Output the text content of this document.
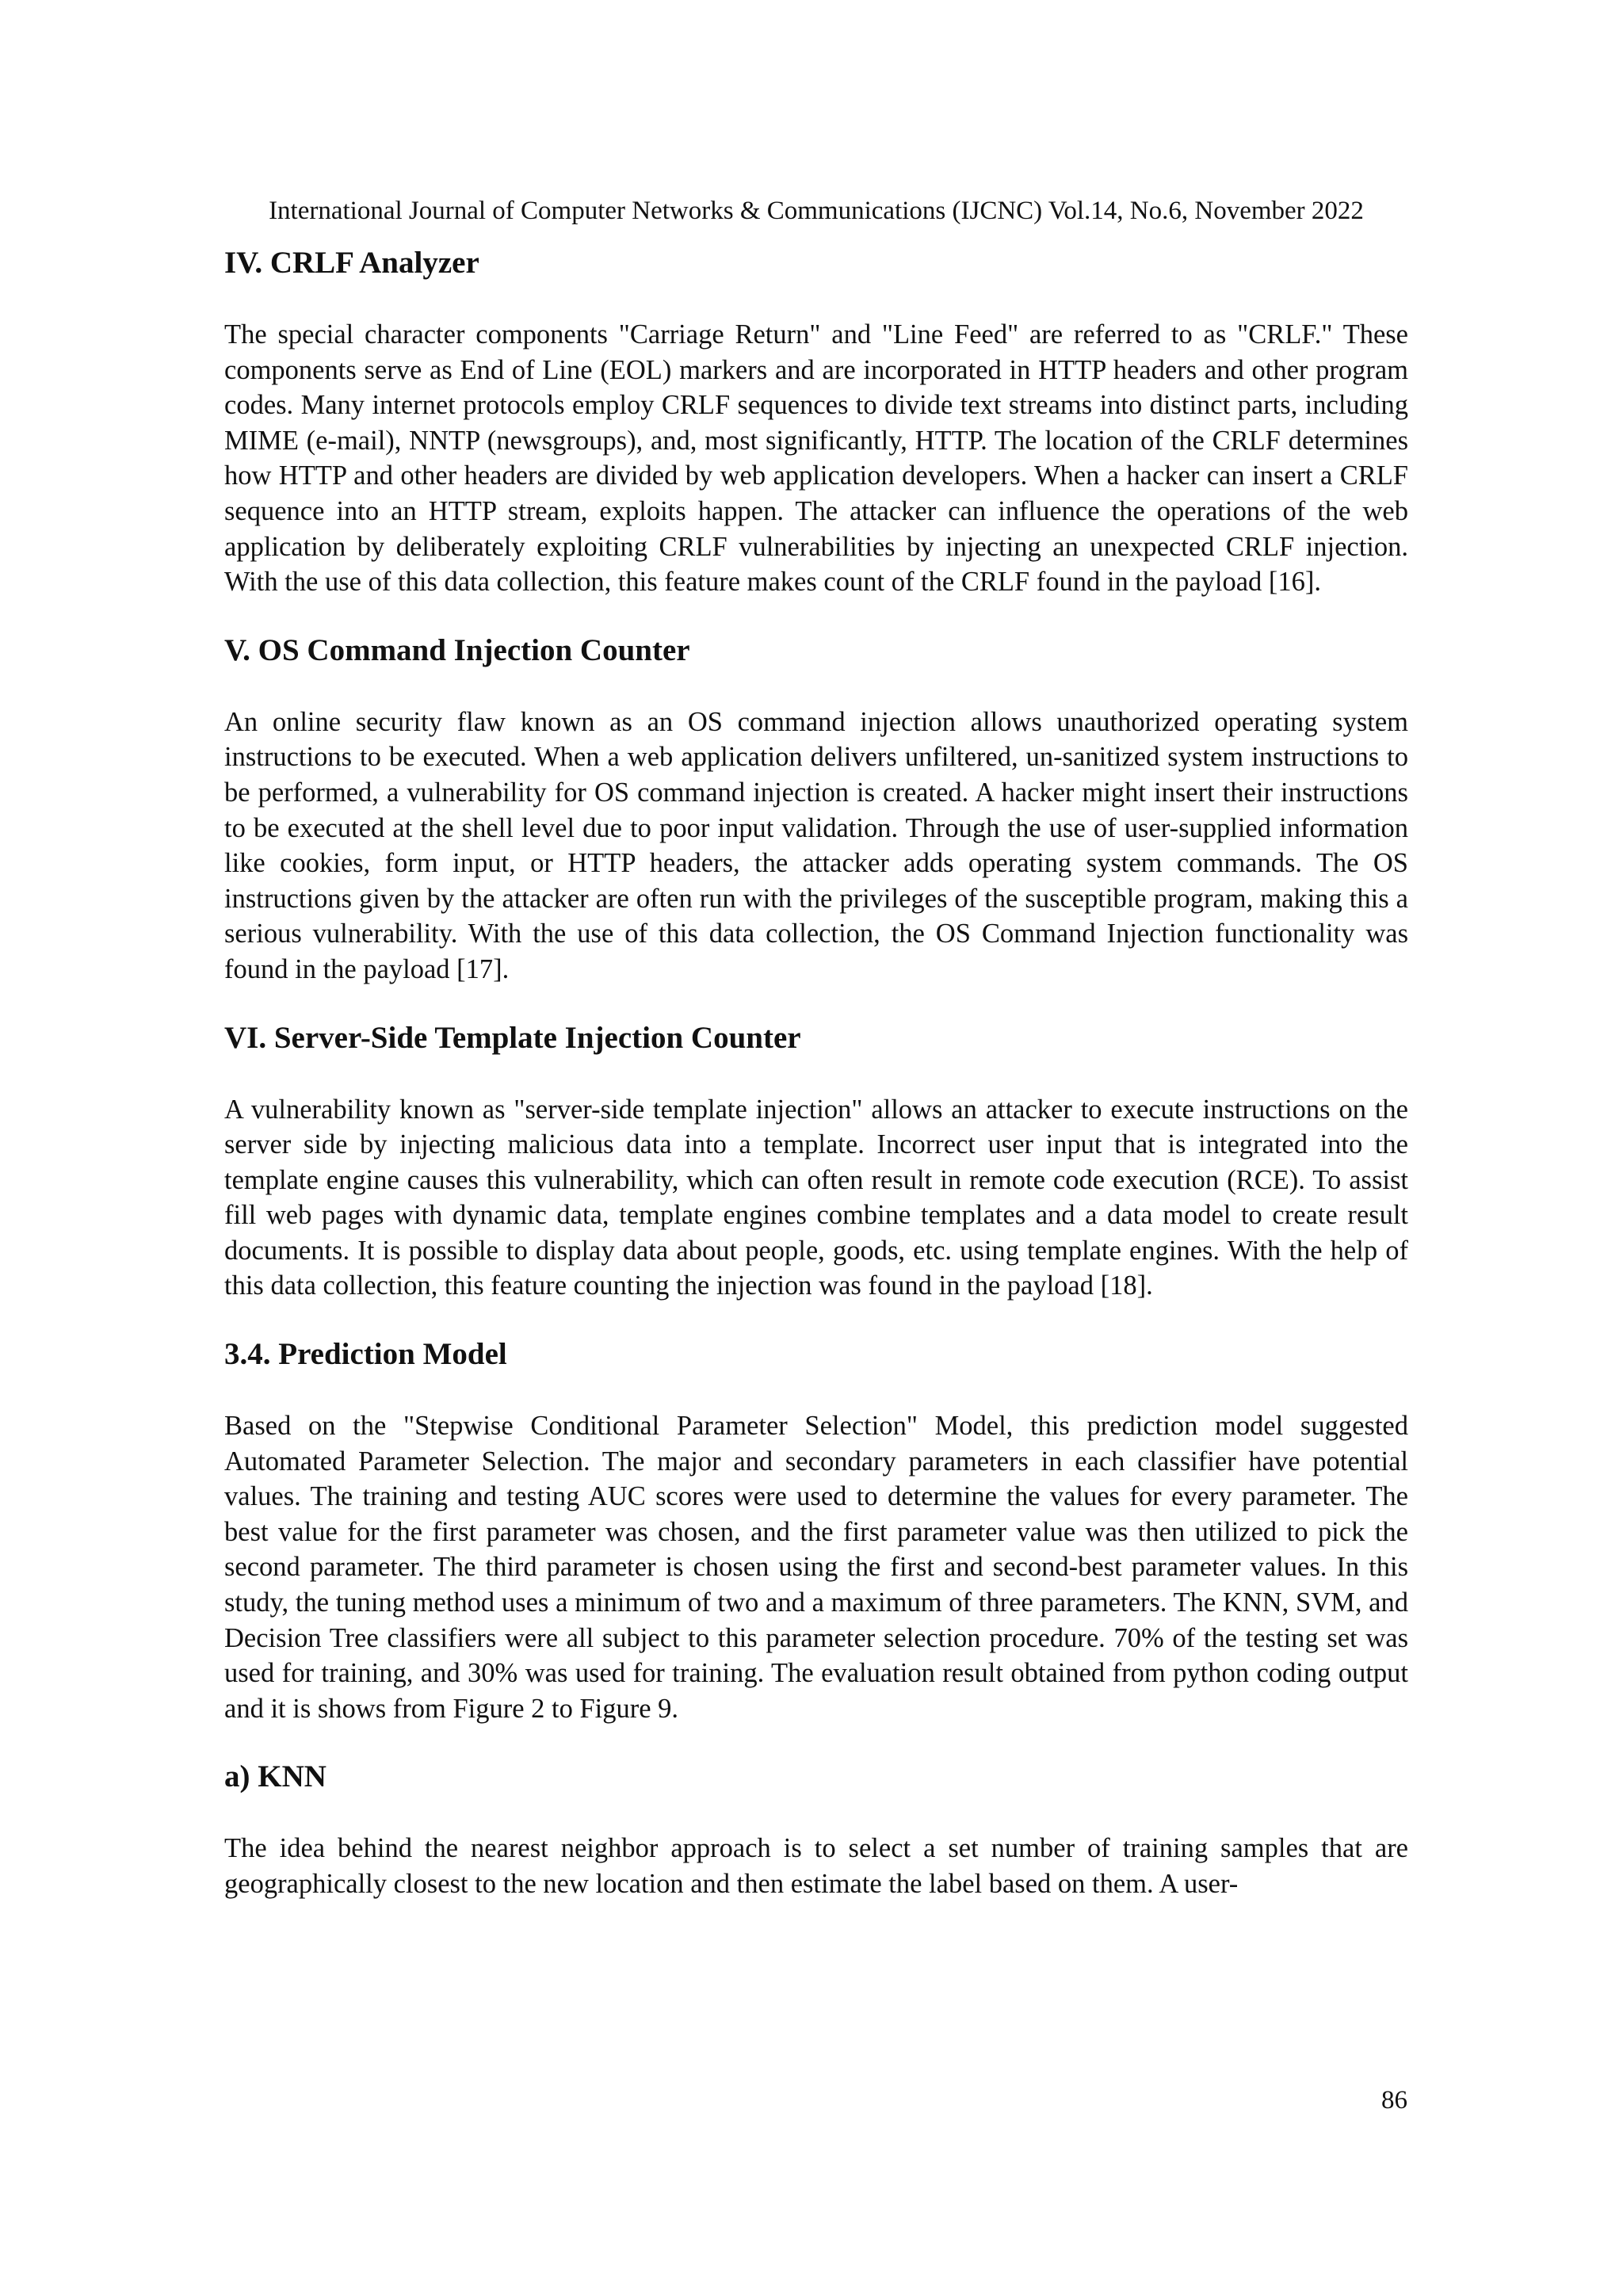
International Journal of Computer Networks & Communications (IJCNC) Vol.14, No.6, November 2022
IV. CRLF Analyzer

The special character components "Carriage Return" and "Line Feed" are referred to as "CRLF." These components serve as End of Line (EOL) markers and are incorporated in HTTP headers and other program codes. Many internet protocols employ CRLF sequences to divide text streams into distinct parts, including MIME (e-mail), NNTP (newsgroups), and, most significantly, HTTP. The location of the CRLF determines how HTTP and other headers are divided by web application developers. When a hacker can insert a CRLF sequence into an HTTP stream, exploits happen. The attacker can influence the operations of the web application by deliberately exploiting CRLF vulnerabilities by injecting an unexpected CRLF injection. With the use of this data collection, this feature makes count of the CRLF found in the payload [16].

V. OS Command Injection Counter

An online security flaw known as an OS command injection allows unauthorized operating system instructions to be executed. When a web application delivers unfiltered, un-sanitized system instructions to be performed, a vulnerability for OS command injection is created. A hacker might insert their instructions to be executed at the shell level due to poor input validation. Through the use of user-supplied information like cookies, form input, or HTTP headers, the attacker adds operating system commands. The OS instructions given by the attacker are often run with the privileges of the susceptible program, making this a serious vulnerability. With the use of this data collection, the OS Command Injection functionality was found in the payload [17].

VI. Server-Side Template Injection Counter

A vulnerability known as "server-side template injection" allows an attacker to execute instructions on the server side by injecting malicious data into a template. Incorrect user input that is integrated into the template engine causes this vulnerability, which can often result in remote code execution (RCE). To assist fill web pages with dynamic data, template engines combine templates and a data model to create result documents. It is possible to display data about people, goods, etc. using template engines. With the help of this data collection, this feature counting the injection was found in the payload [18].

3.4. Prediction Model

Based on the "Stepwise Conditional Parameter Selection" Model, this prediction model suggested Automated Parameter Selection. The major and secondary parameters in each classifier have potential values. The training and testing AUC scores were used to determine the values for every parameter. The best value for the first parameter was chosen, and the first parameter value was then utilized to pick the second parameter. The third parameter is chosen using the first and second-best parameter values. In this study, the tuning method uses a minimum of two and a maximum of three parameters. The KNN, SVM, and Decision Tree classifiers were all subject to this parameter selection procedure. 70% of the testing set was used for training, and 30% was used for training. The evaluation result obtained from python coding output and it is shows from Figure 2 to Figure 9.

a) KNN

The idea behind the nearest neighbor approach is to select a set number of training samples that are geographically closest to the new location and then estimate the label based on them. A user-

86
